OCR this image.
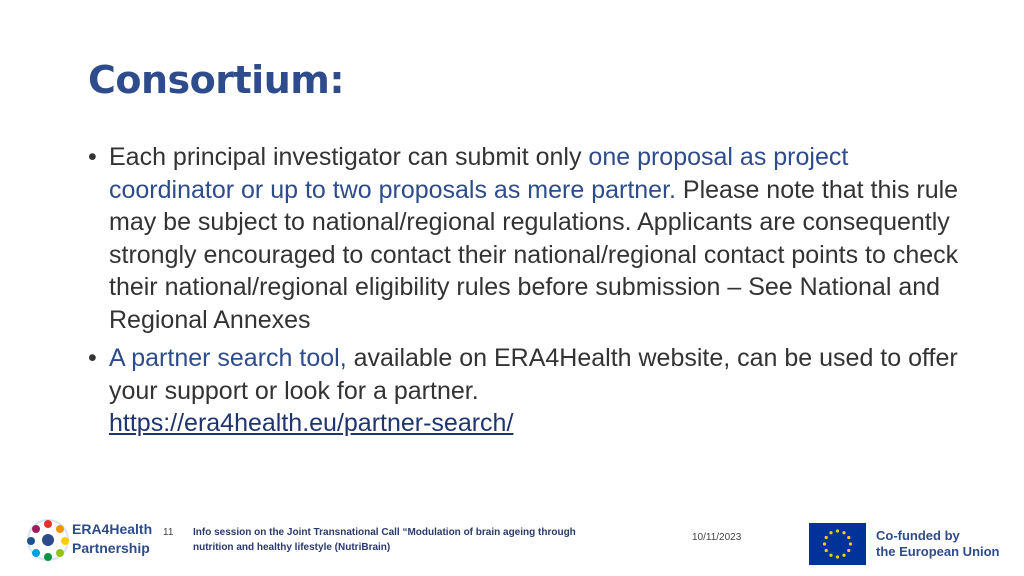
Consortium:
• Each principal investigator can submit only one proposal as project coordinator or up to two proposals as mere partner. Please note that this rule may be subject to national/regional regulations. Applicants are consequently strongly encouraged to contact their national/regional contact points to check their national/regional eligibility rules before submission – See National and Regional Annexes
• A partner search tool, available on ERA4Health website, can be used to offer your support or look for a partner.
https://era4health.eu/partner-search/
ERA4Health
Partnership
11 Info session on the Joint Transnational Call “Modulation of brain ageing through
nutrition and healthy lifestyle (NutriBrain)
10/11/2023	Co-funded by
the European Union
